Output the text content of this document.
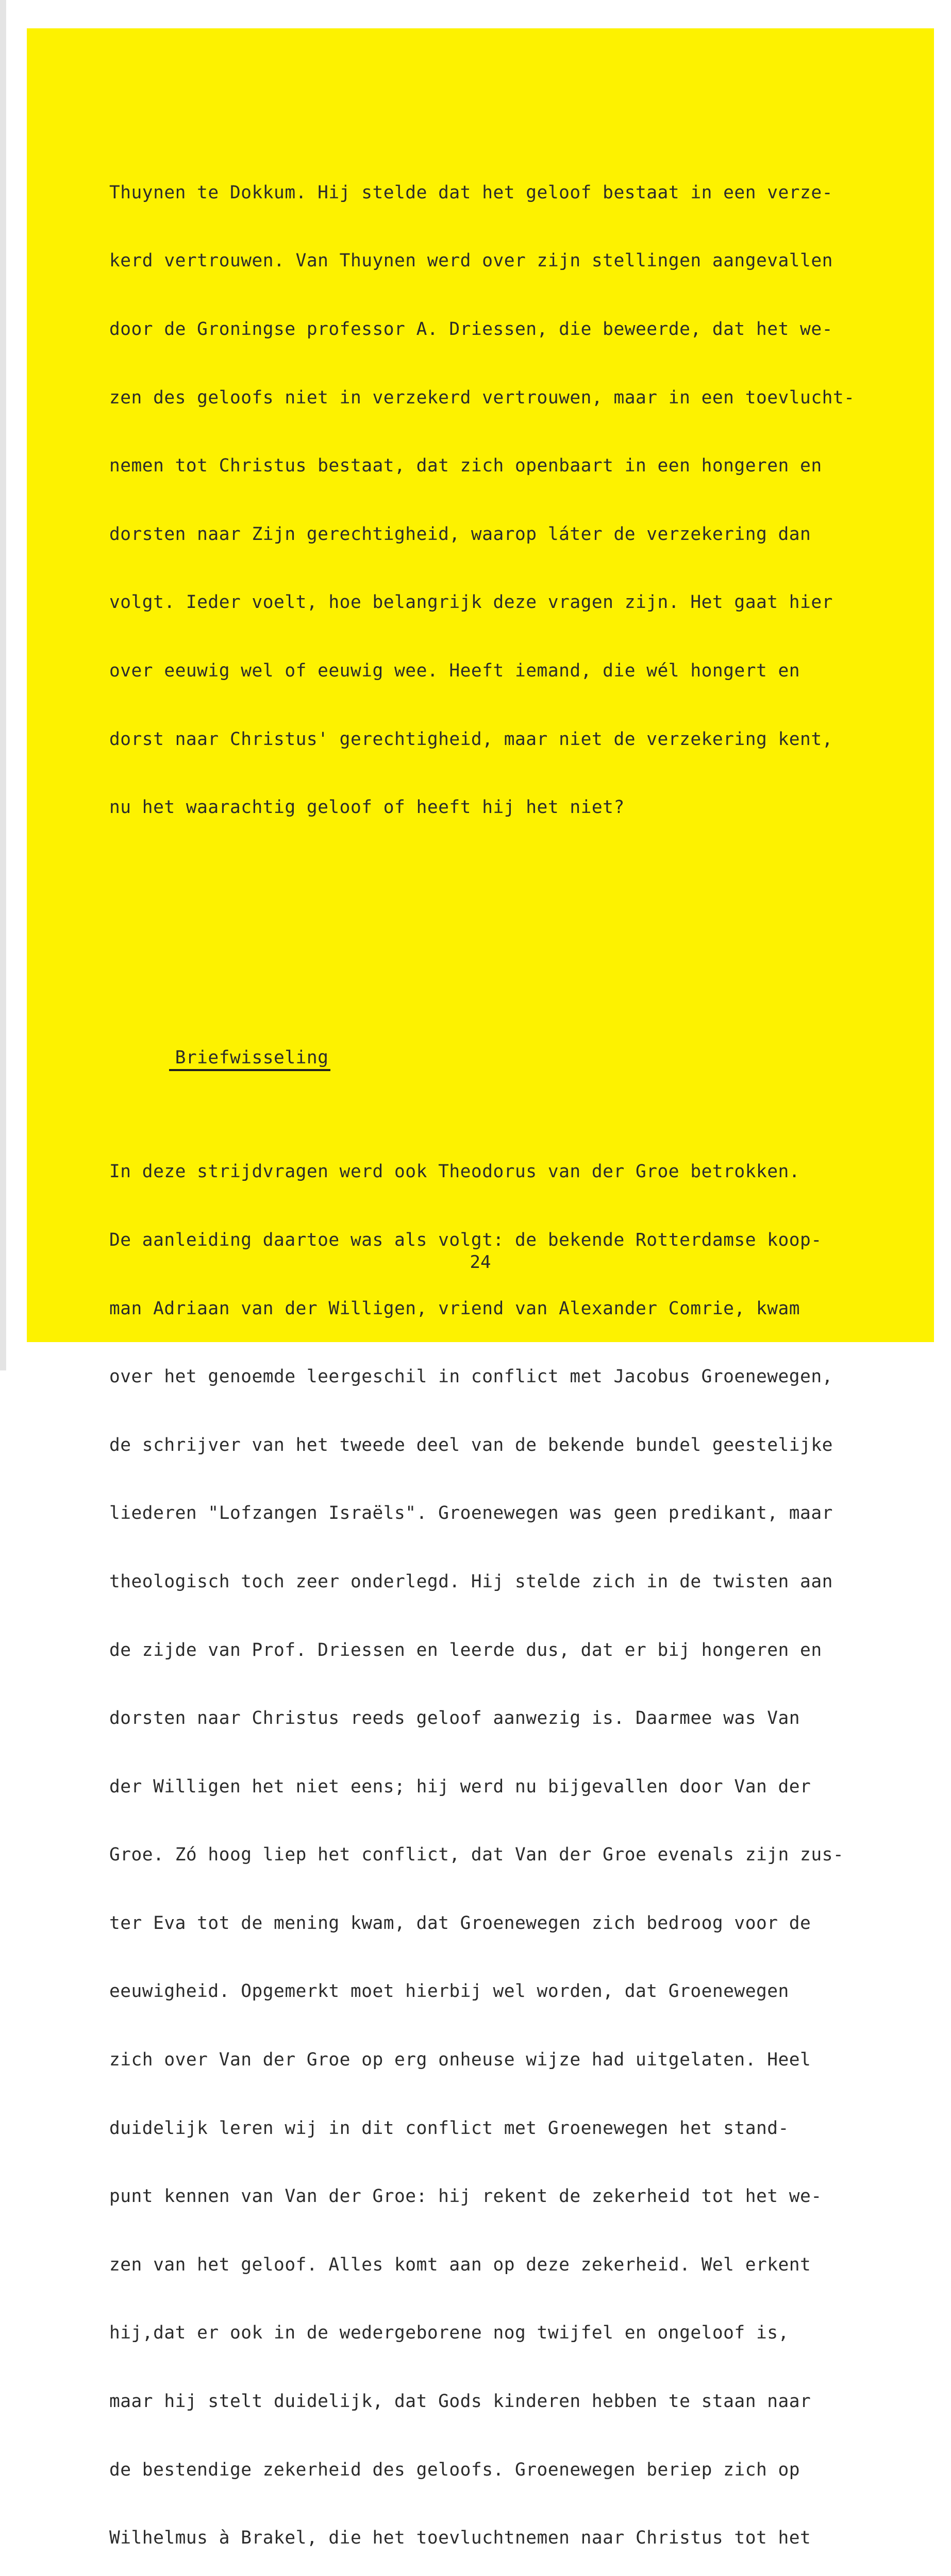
Thuynen te Dokkum. Hij stelde dat het geloof bestaat in een verze-

kerd vertrouwen. Van Thuynen werd over zijn stellingen aangevallen

door de Groningse professor A. Driessen, die beweerde, dat het we-

zen des geloofs niet in verzekerd vertrouwen, maar in een toevlucht-

nemen tot Christus bestaat, dat zich openbaart in een hongeren en

dorsten naar Zijn gerechtigheid, waarop láter de verzekering dan

volgt. Ieder voelt, hoe belangrijk deze vragen zijn. Het gaat hier

over eeuwig wel of eeuwig wee. Heeft iemand, die wél hongert en

dorst naar Christus' gerechtigheid, maar niet de verzekering kent,

nu het waarachtig geloof of heeft hij het niet?

Briefwisseling

In deze strijdvragen werd ook Theodorus van der Groe betrokken.

De aanleiding daartoe was als volgt: de bekende Rotterdamse koop-

man Adriaan van der Willigen, vriend van Alexander Comrie, kwam

over het genoemde leergeschil in conflict met Jacobus Groenewegen,

de schrijver van het tweede deel van de bekende bundel geestelijke

liederen "Lofzangen Israëls". Groenewegen was geen predikant, maar

theologisch toch zeer onderlegd. Hij stelde zich in de twisten aan

de zijde van Prof. Driessen en leerde dus, dat er bij hongeren en

dorsten naar Christus reeds geloof aanwezig is. Daarmee was Van

der Willigen het niet eens; hij werd nu bijgevallen door Van der

Groe. Zó hoog liep het conflict, dat Van der Groe evenals zijn zus-

ter Eva tot de mening kwam, dat Groenewegen zich bedroog voor de

eeuwigheid. Opgemerkt moet hierbij wel worden, dat Groenewegen

zich over Van der Groe op erg onheuse wijze had uitgelaten. Heel

duidelijk leren wij in dit conflict met Groenewegen het stand-

punt kennen van Van der Groe: hij rekent de zekerheid tot het we-

zen van het geloof. Alles komt aan op deze zekerheid. Wel erkent

hij,dat er ook in de wedergeborene nog twijfel en ongeloof is,

maar hij stelt duidelijk, dat Gods kinderen hebben te staan naar

de bestendige zekerheid des geloofs. Groenewegen beriep zich op

Wilhelmus à Brakel, die het toevluchtnemen naar Christus tot het

24
